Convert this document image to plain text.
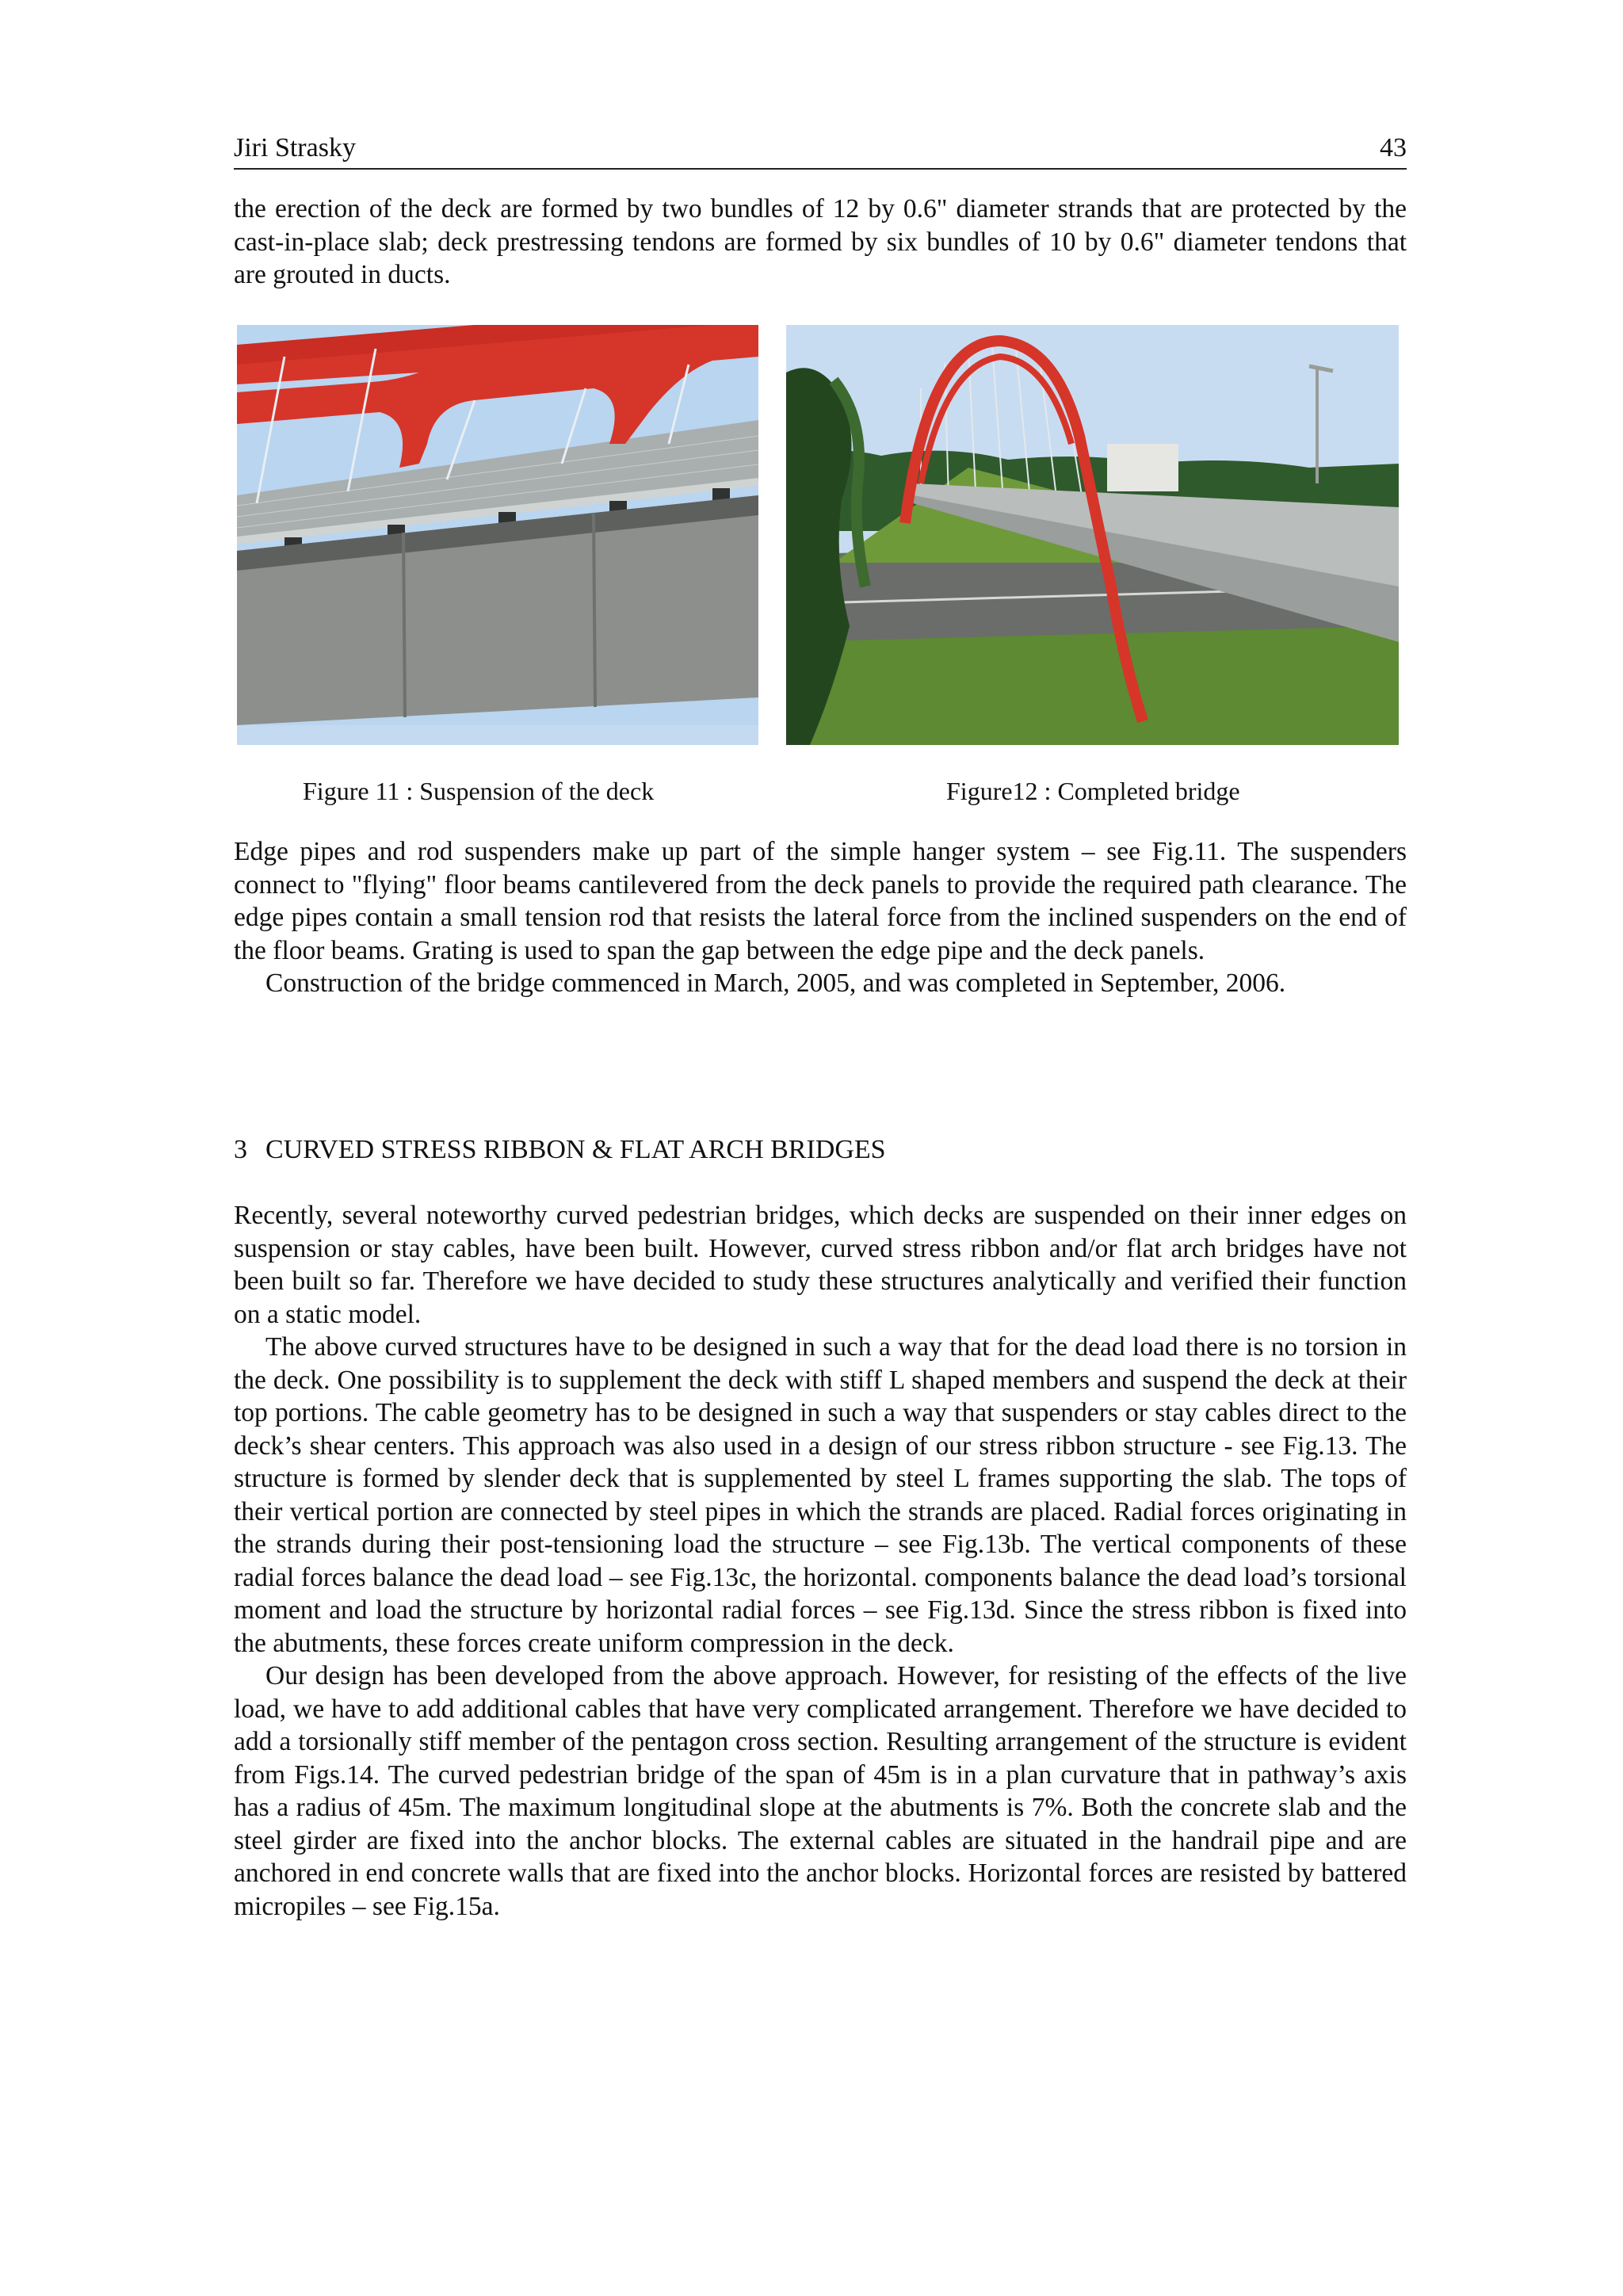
Jiri Strasky	43

the erection of the deck are formed by two bundles of 12 by 0.6" diameter strands that are protected by the cast-in-place slab; deck prestressing tendons are formed by six bundles of 10 by 0.6" diameter tendons that are grouted in ducts.

Figure 11 : Suspension of the deck	Figure12 : Completed bridge

Edge pipes and rod suspenders make up part of the simple hanger system – see Fig.11. The suspenders connect to "flying" floor beams cantilevered from the deck panels to provide the required path clearance. The edge pipes contain a small tension rod that resists the lateral force from the inclined suspenders on the end of the floor beams. Grating is used to span the gap between the edge pipe and the deck panels.

Construction of the bridge commenced in March, 2005, and was completed in September, 2006.

3 CURVED STRESS RIBBON & FLAT ARCH BRIDGES

Recently, several noteworthy curved pedestrian bridges, which decks are suspended on their inner edges on suspension or stay cables, have been built. However, curved stress ribbon and/or flat arch bridges have not been built so far. Therefore we have decided to study these structures analytically and verified their function on a static model.

The above curved structures have to be designed in such a way that for the dead load there is no torsion in the deck. One possibility is to supplement the deck with stiff L shaped members and suspend the deck at their top portions. The cable geometry has to be designed in such a way that suspenders or stay cables direct to the deck’s shear centers. This approach was also used in a design of our stress ribbon structure - see Fig.13. The structure is formed by slender deck that is supplemented by steel L frames supporting the slab. The tops of their vertical portion are connected by steel pipes in which the strands are placed. Radial forces originating in the strands during their post-tensioning load the structure – see Fig.13b. The vertical components of these radial forces balance the dead load – see Fig.13c, the horizontal. components balance the dead load’s torsional moment and load the structure by horizontal radial forces – see Fig.13d. Since the stress ribbon is fixed into the abutments, these forces create uniform compression in the deck.

Our design has been developed from the above approach. However, for resisting of the effects of the live load, we have to add additional cables that have very complicated arrangement. Therefore we have decided to add a torsionally stiff member of the pentagon cross section. Resulting arrangement of the structure is evident from Figs.14. The curved pedestrian bridge of the span of 45m is in a plan curvature that in pathway’s axis has a radius of 45m. The maximum longitudinal slope at the abutments is 7%. Both the concrete slab and the steel girder are fixed into the anchor blocks. The external cables are situated in the handrail pipe and are anchored in end concrete walls that are fixed into the anchor blocks. Horizontal forces are resisted by battered micropiles – see Fig.15a.
